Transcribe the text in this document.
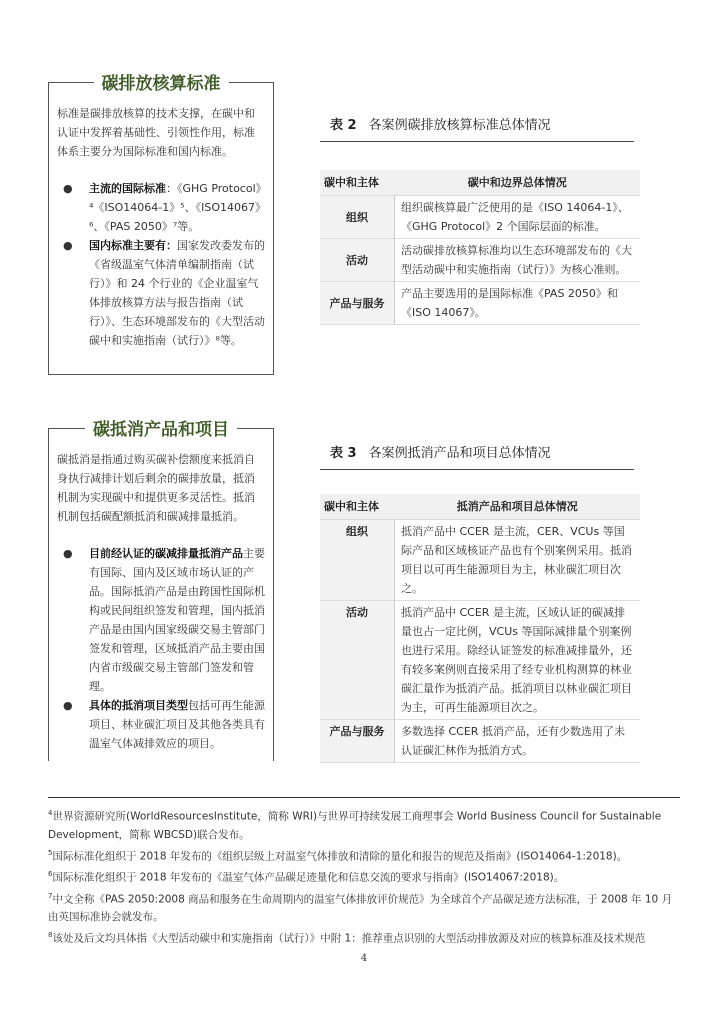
碳排放核算标准

标准是碳排放核算的技术支撑，在碳中和认证中发挥着基础性、引领性作用，标准体系主要分为国际标准和国内标准。

● 主流的国际标准：《GHG Protocol》⁴《ISO14064-1》⁵、《ISO14067》⁶、《PAS 2050》⁷等。
● 国内标准主要有：国家发改委发布的《省级温室气体清单编制指南（试行）》和 24 个行业的《企业温室气体排放核算方法与报告指南（试行）》、生态环境部发布的《大型活动碳中和实施指南（试行）》⁸等。
碳抵消产品和项目

碳抵消是指通过购买碳补偿额度来抵消自身执行减排计划后剩余的碳排放量，抵消机制为实现碳中和提供更多灵活性。抵消机制包括碳配额抵消和碳减排量抵消。

● 目前经认证的碳减排量抵消产品主要有国际、国内及区域市场认证的产品。国际抵消产品是由跨国性国际机构或民间组织签发和管理，国内抵消产品是由国内国家级碳交易主管部门签发和管理，区域抵消产品主要由国内省市级碳交易主管部门签发和管理。
● 具体的抵消项目类型包括可再生能源项目、林业碳汇项目及其他各类具有温室气体减排效应的项目。
表 2 各案例碳排放核算标准总体情况
碳中和主体	碳中和边界总体情况
组织	组织碳核算最广泛使用的是《ISO 14064-1》、《GHG Protocol》2 个国际层面的标准。
活动	活动碳排放核算标准均以生态环境部发布的《大型活动碳中和实施指南（试行）》为核心准则。
产品与服务	产品主要选用的是国际标准《PAS 2050》和《ISO 14067》。
表 3 各案例抵消产品和项目总体情况
碳中和主体	抵消产品和项目总体情况
组织	抵消产品中 CCER 是主流，CER、VCUs 等国际产品和区域核证产品也有个别案例采用。抵消项目以可再生能源项目为主，林业碳汇项目次之。
活动	抵消产品中 CCER 是主流，区域认证的碳减排量也占一定比例，VCUs 等国际减排量个别案例也进行采用。除经认证签发的标准减排量外，还有较多案例则直接采用了经专业机构测算的林业碳汇量作为抵消产品。抵消项目以林业碳汇项目为主，可再生能源项目次之。
产品与服务	多数选择 CCER 抵消产品，还有少数选用了未认证碳汇林作为抵消方式。
$^4$世界资源研究所(WorldResourcesInstitute，简称 WRI)与世界可持续发展工商理事会 World Business Council for Sustainable Development，简称 WBCSD)联合发布。
$^5$国际标准化组织于 2018 年发布的《组织层级上对温室气体排放和清除的量化和报告的规范及指南》(ISO14064-1:2018)。
$^6$国际标准化组织于 2018 年发布的《温室气体产品碳足迹量化和信息交流的要求与指南》(ISO14067:2018)。
$^7$中文全称《PAS 2050:2008 商品和服务在生命周期内的温室气体排放评价规范》为全球首个产品碳足迹方法标准，于 2008 年 10 月由英国标准协会就发布。
$^8$该处及后文均具体指《大型活动碳中和实施指南（试行）》中附 1：推荐重点识别的大型活动排放源及对应的核算标准及技术规范
4
